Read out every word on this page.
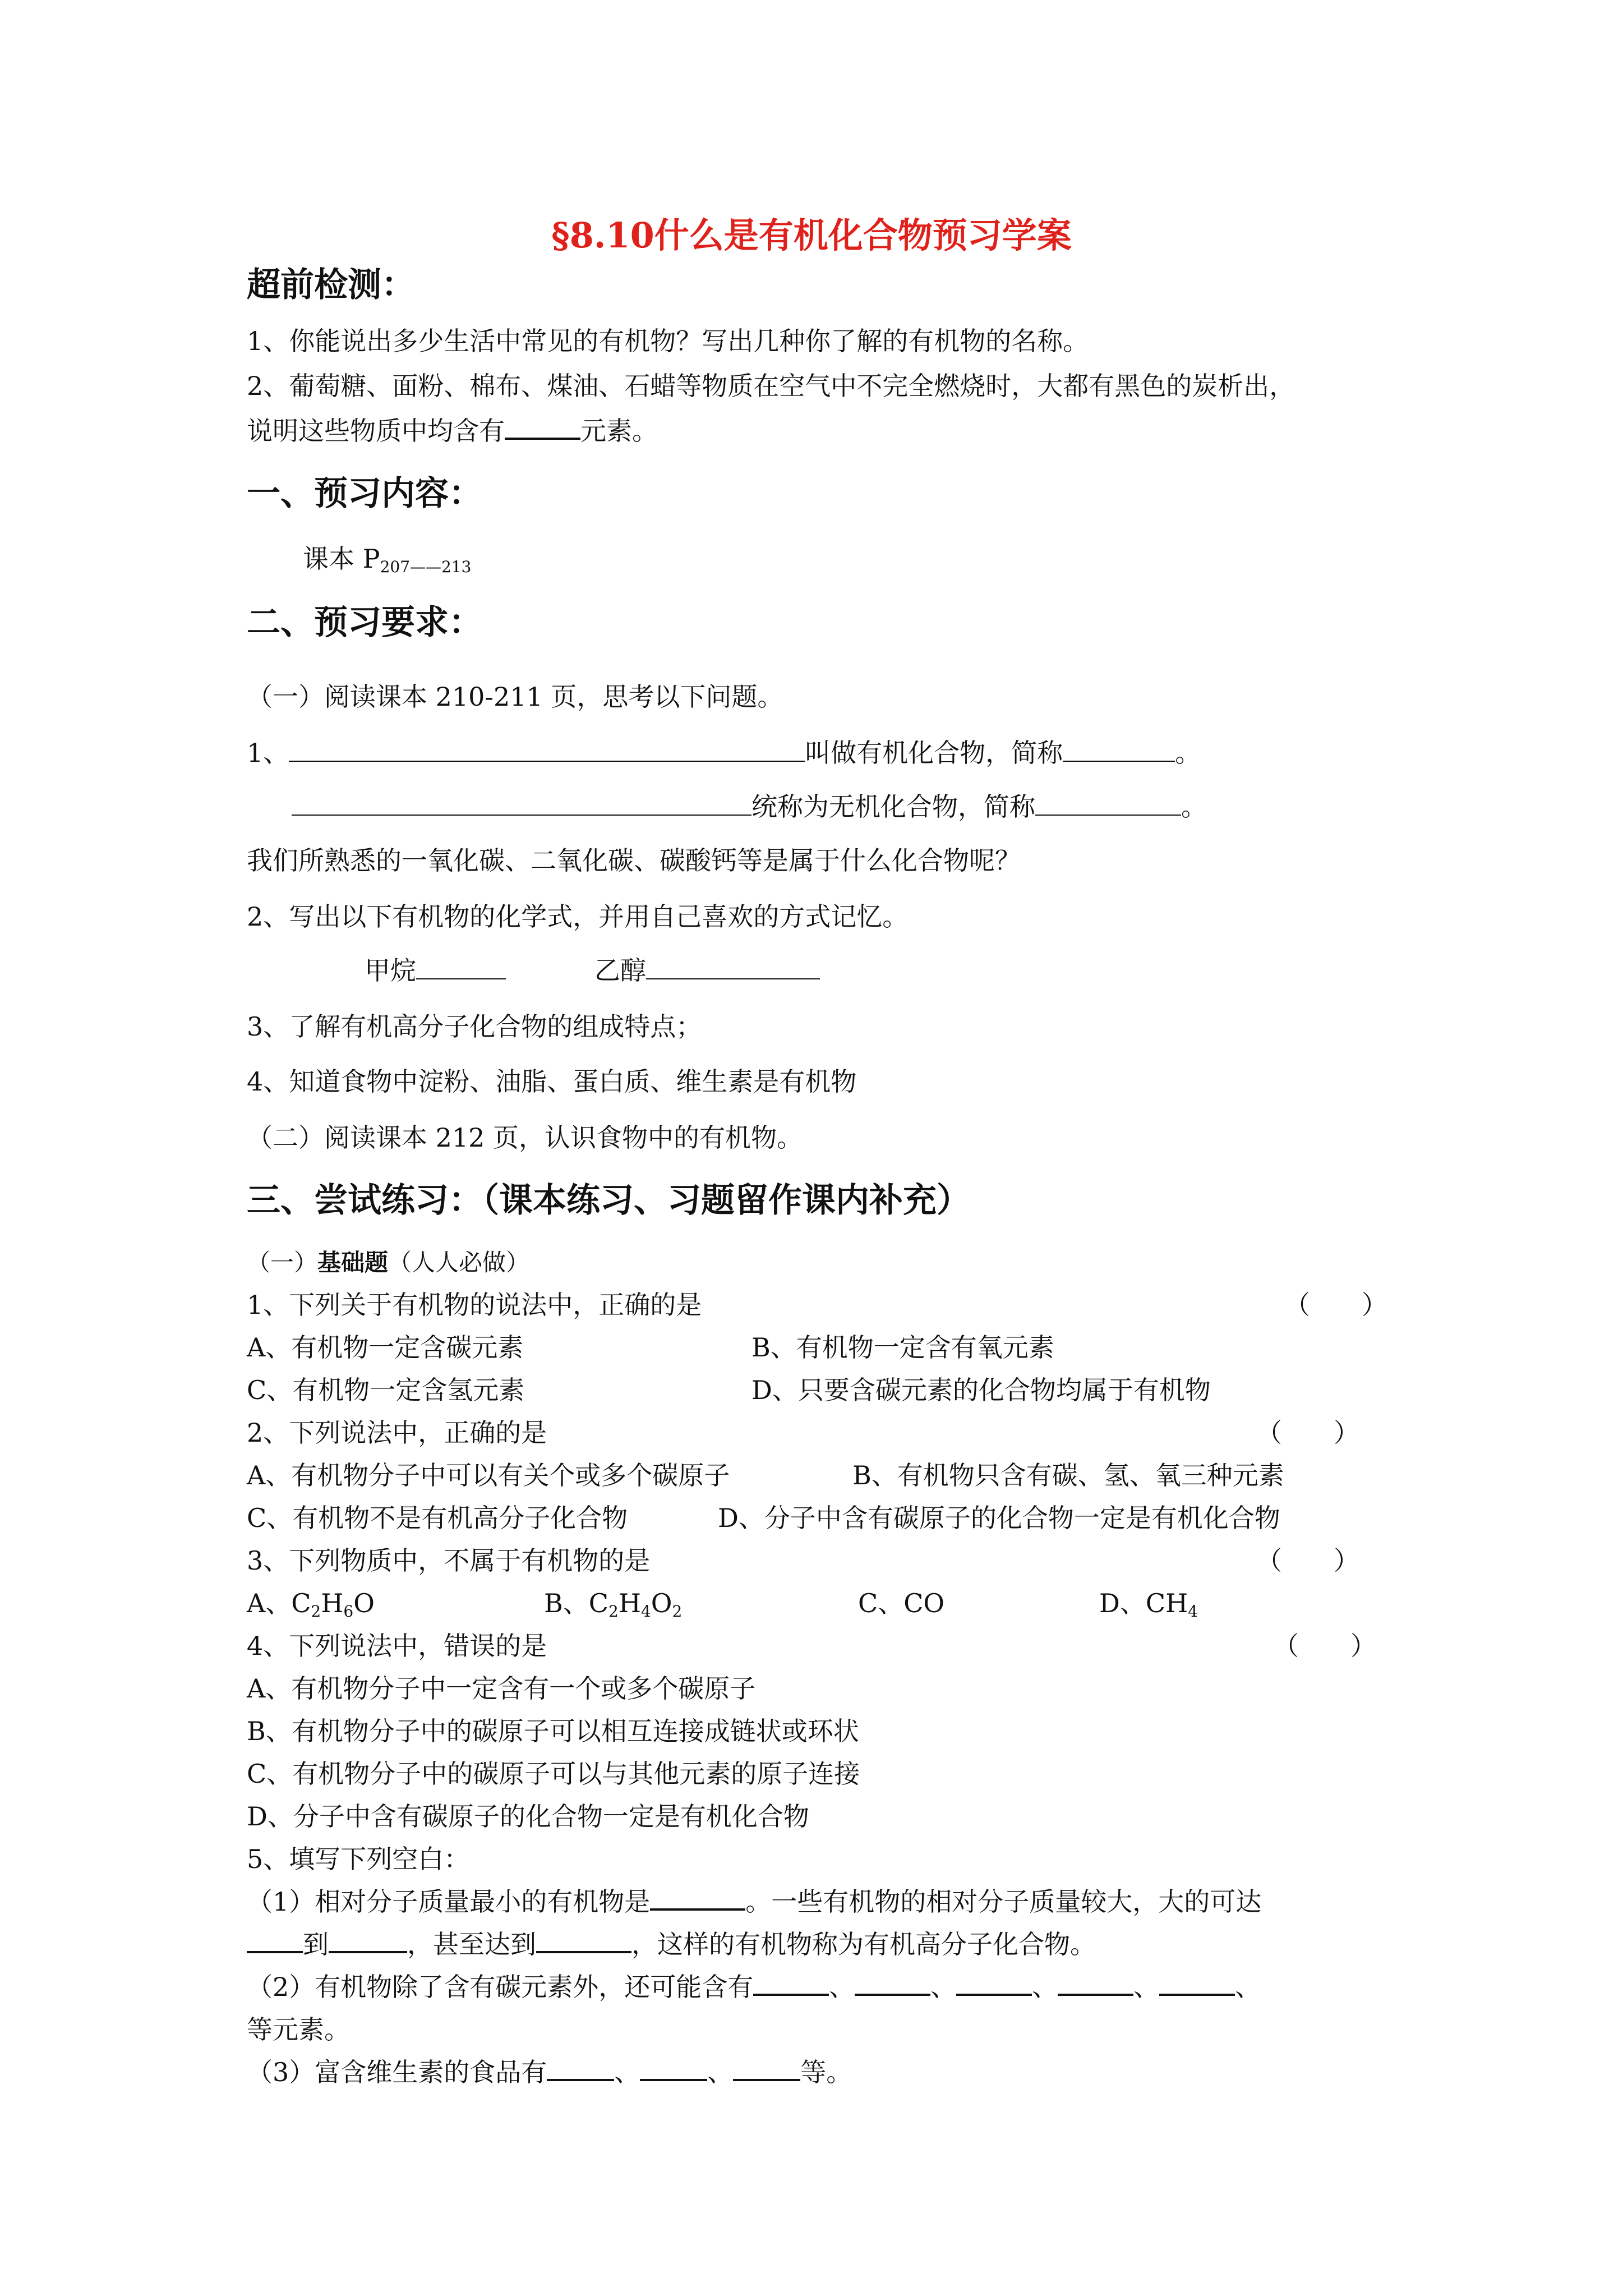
§8.10什么是有机化合物预习学案
超前检测：
1、你能说出多少生活中常见的有机物？写出几种你了解的有机物的名称。
2、葡萄糖、面粉、棉布、煤油、石蜡等物质在空气中不完全燃烧时，大都有黑色的炭析出，
说明这些物质中均含有	元素。
一、预习内容：
课本 $P_{207——213}$
二、预习要求：
（一）阅读课本 210-211 页，思考以下问题。
1、	叫做有机化合物，简称	。
统称为无机化合物，简称	。
我们所熟悉的一氧化碳、二氧化碳、碳酸钙等是属于什么化合物呢？
2、写出以下有机物的化学式，并用自己喜欢的方式记忆。
甲烷	乙醇
3、了解有机高分子化合物的组成特点；
4、知道食物中淀粉、油脂、蛋白质、维生素是有机物
（二）阅读课本 212 页，认识食物中的有机物。
三、尝试练习：（课本练习、习题留作课内补充）
（一）基础题（人人必做）
1、下列关于有机物的说法中，正确的是	（　　）
A、有机物一定含碳元素	B、有机物一定含有氧元素
C、有机物一定含氢元素	D、只要含碳元素的化合物均属于有机物
2、下列说法中，正确的是	（　　）
A、有机物分子中可以有关个或多个碳原子	B、有机物只含有碳、氢、氧三种元素
C、有机物不是有机高分子化合物	D、分子中含有碳原子的化合物一定是有机化合物
3、下列物质中，不属于有机物的是	（　　）
A、$C_2H_6O$	B、$C_2H_4O_2$	C、CO	D、$CH_4$
4、下列说法中，错误的是	（　　）
A、有机物分子中一定含有一个或多个碳原子
B、有机物分子中的碳原子可以相互连接成链状或环状
C、有机物分子中的碳原子可以与其他元素的原子连接
D、分子中含有碳原子的化合物一定是有机化合物
5、填写下列空白：
（1）相对分子质量最小的有机物是	。一些有机物的相对分子质量较大，大的可达
到	，甚至达到	，这样的有机物称为有机高分子化合物。
（2）有机物除了含有碳元素外，还可能含有	、	、	、	、	、
等元素。
（3）富含维生素的食品有	、	、	等。
